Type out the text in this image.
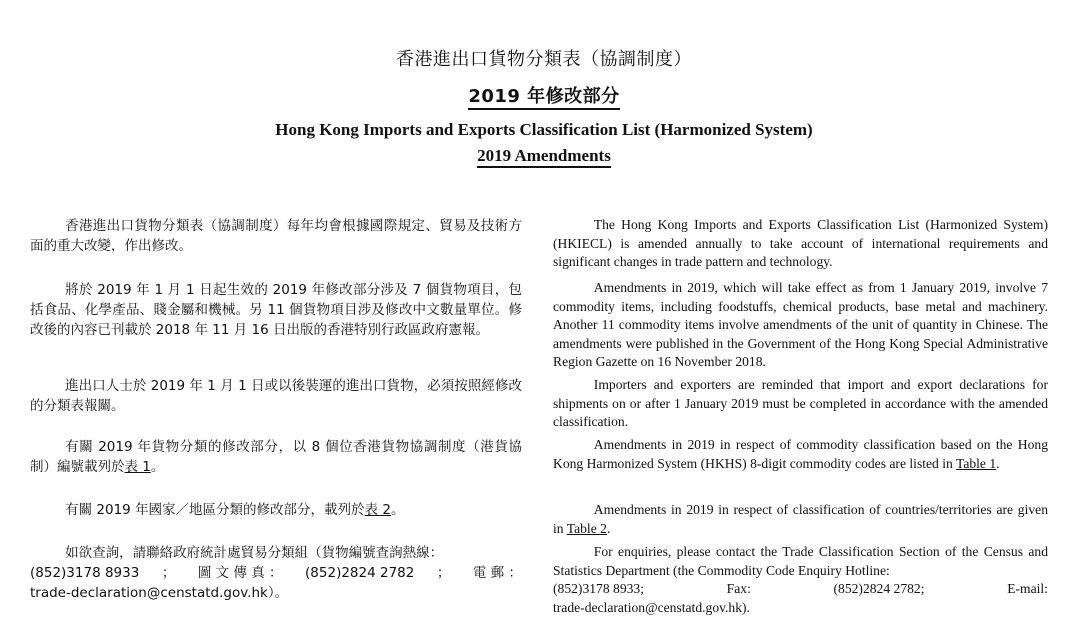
香港進出口貨物分類表（協調制度）
2019 年修改部分
Hong Kong Imports and Exports Classification List (Harmonized System)
2019 Amendments

香港進出口貨物分類表（協調制度）每年均會根據國際規定、貿易及技術方面的重大改變，作出修改。

將於 2019 年 1 月 1 日起生效的 2019 年修改部分涉及 7 個貨物項目，包括食品、化學產品、賤金屬和機械。另 11 個貨物項目涉及修改中文數量單位。修改後的內容已刊載於 2018 年 11 月 16 日出版的香港特別行政區政府憲報。

進出口人士於 2019 年 1 月 1 日或以後裝運的進出口貨物，必須按照經修改的分類表報關。

有關 2019 年貨物分類的修改部分，以 8 個位香港貨物協調制度（港貨協制）編號載列於表 1。

有關 2019 年國家／地區分類的修改部分，載列於表 2。

如欲查詢，請聯絡政府統計處貿易分類組（貨物編號查詢熱線：
(852)3178 8933 ； 圖 文 傳 真 ： (852)2824 2782 ； 電 郵 ：
trade-declaration@censtatd.gov.hk）。

The Hong Kong Imports and Exports Classification List (Harmonized System) (HKIECL) is amended annually to take account of international requirements and significant changes in trade pattern and technology.

Amendments in 2019, which will take effect as from 1 January 2019, involve 7 commodity items, including foodstuffs, chemical products, base metal and machinery. Another 11 commodity items involve amendments of the unit of quantity in Chinese. The amendments were published in the Government of the Hong Kong Special Administrative Region Gazette on 16 November 2018.

Importers and exporters are reminded that import and export declarations for shipments on or after 1 January 2019 must be completed in accordance with the amended classification.

Amendments in 2019 in respect of commodity classification based on the Hong Kong Harmonized System (HKHS) 8-digit commodity codes are listed in Table 1.

Amendments in 2019 in respect of classification of countries/territories are given in Table 2.

For enquiries, please contact the Trade Classification Section of the Census and Statistics Department (the Commodity Code Enquiry Hotline:
(852)3178 8933;	Fax:	(852)2824 2782;	E-mail:
trade-declaration@censtatd.gov.hk).
